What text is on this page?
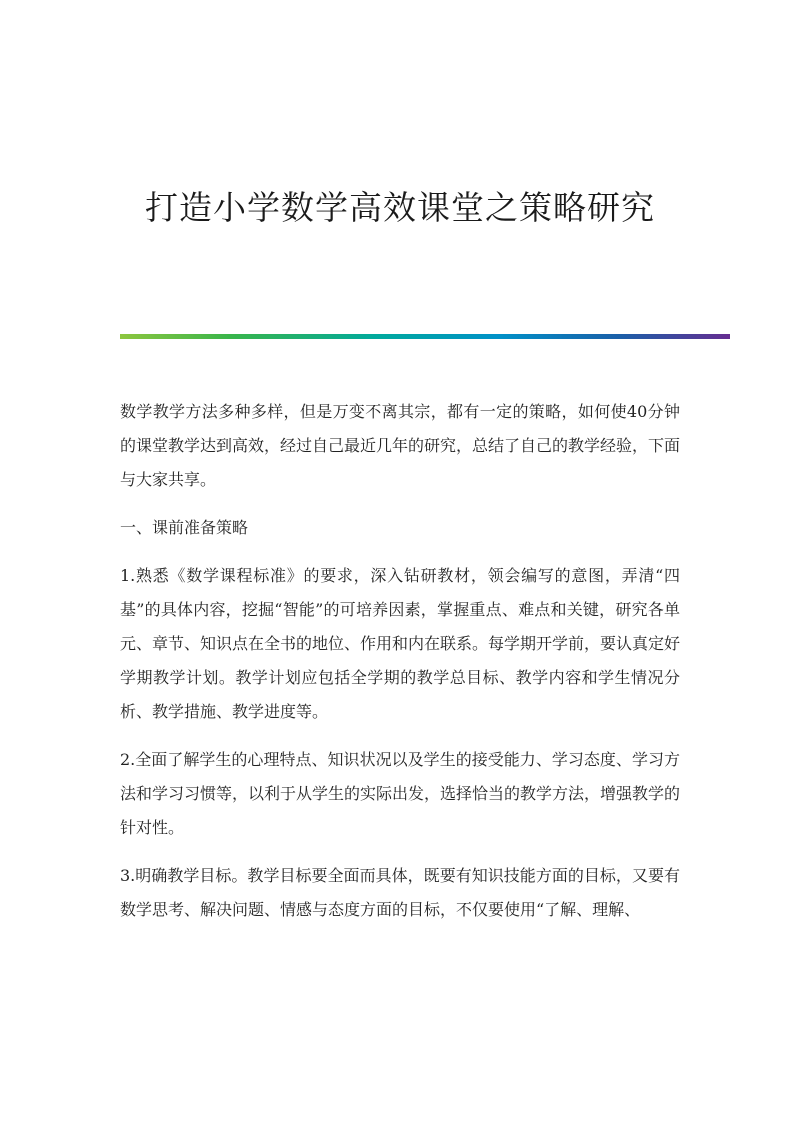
打造小学数学高效课堂之策略研究

数学教学方法多种多样，但是万变不离其宗，都有一定的策略，如何使40分钟的课堂教学达到高效，经过自己最近几年的研究，总结了自己的教学经验，下面与大家共享。

一、课前准备策略

1.熟悉《数学课程标准》的要求，深入钻研教材，领会编写的意图，弄清“四基”的具体内容，挖掘“智能”的可培养因素，掌握重点、难点和关键，研究各单元、章节、知识点在全书的地位、作用和内在联系。每学期开学前，要认真定好学期教学计划。教学计划应包括全学期的教学总目标、教学内容和学生情况分析、教学措施、教学进度等。

2.全面了解学生的心理特点、知识状况以及学生的接受能力、学习态度、学习方法和学习习惯等，以利于从学生的实际出发，选择恰当的教学方法，增强教学的针对性。

3.明确教学目标。教学目标要全面而具体，既要有知识技能方面的目标，又要有数学思考、解决问题、情感与态度方面的目标，不仅要使用“了解、理解、
